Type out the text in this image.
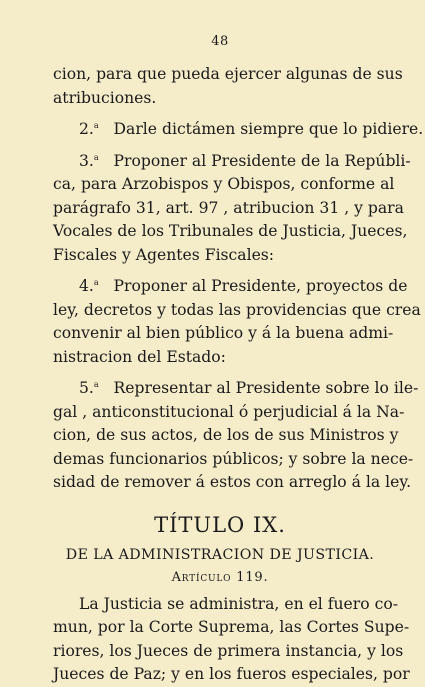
48
cion, para que pueda ejercer algunas de sus
atribuciones.
2.$^a$ Darle dictámen siempre que lo pidiere.
3.$^a$ Proponer al Presidente de la Repúbli-
ca, para Arzobispos y Obispos, conforme al
parágrafo 31, art. 97 , atribucion 31 , y para
Vocales de los Tribunales de Justicia, Jueces,
Fiscales y Agentes Fiscales:
4.$^a$ Proponer al Presidente, proyectos de
ley, decretos y todas las providencias que crea
convenir al bien público y á la buena admi-
nistracion del Estado:
5.$^a$ Representar al Presidente sobre lo ile-
gal , anticonstitucional ó perjudicial á la Na-
cion, de sus actos, de los de sus Ministros y
demas funcionarios públicos; y sobre la nece-
sidad de remover á estos con arreglo á la ley.
TÍTULO IX.
DE LA ADMINISTRACION DE JUSTICIA.
Artículo 119.
La Justicia se administra, en el fuero co-
mun, por la Corte Suprema, las Cortes Supe-
riores, los Jueces de primera instancia, y los
Jueces de Paz; y en los fueros especiales, por
